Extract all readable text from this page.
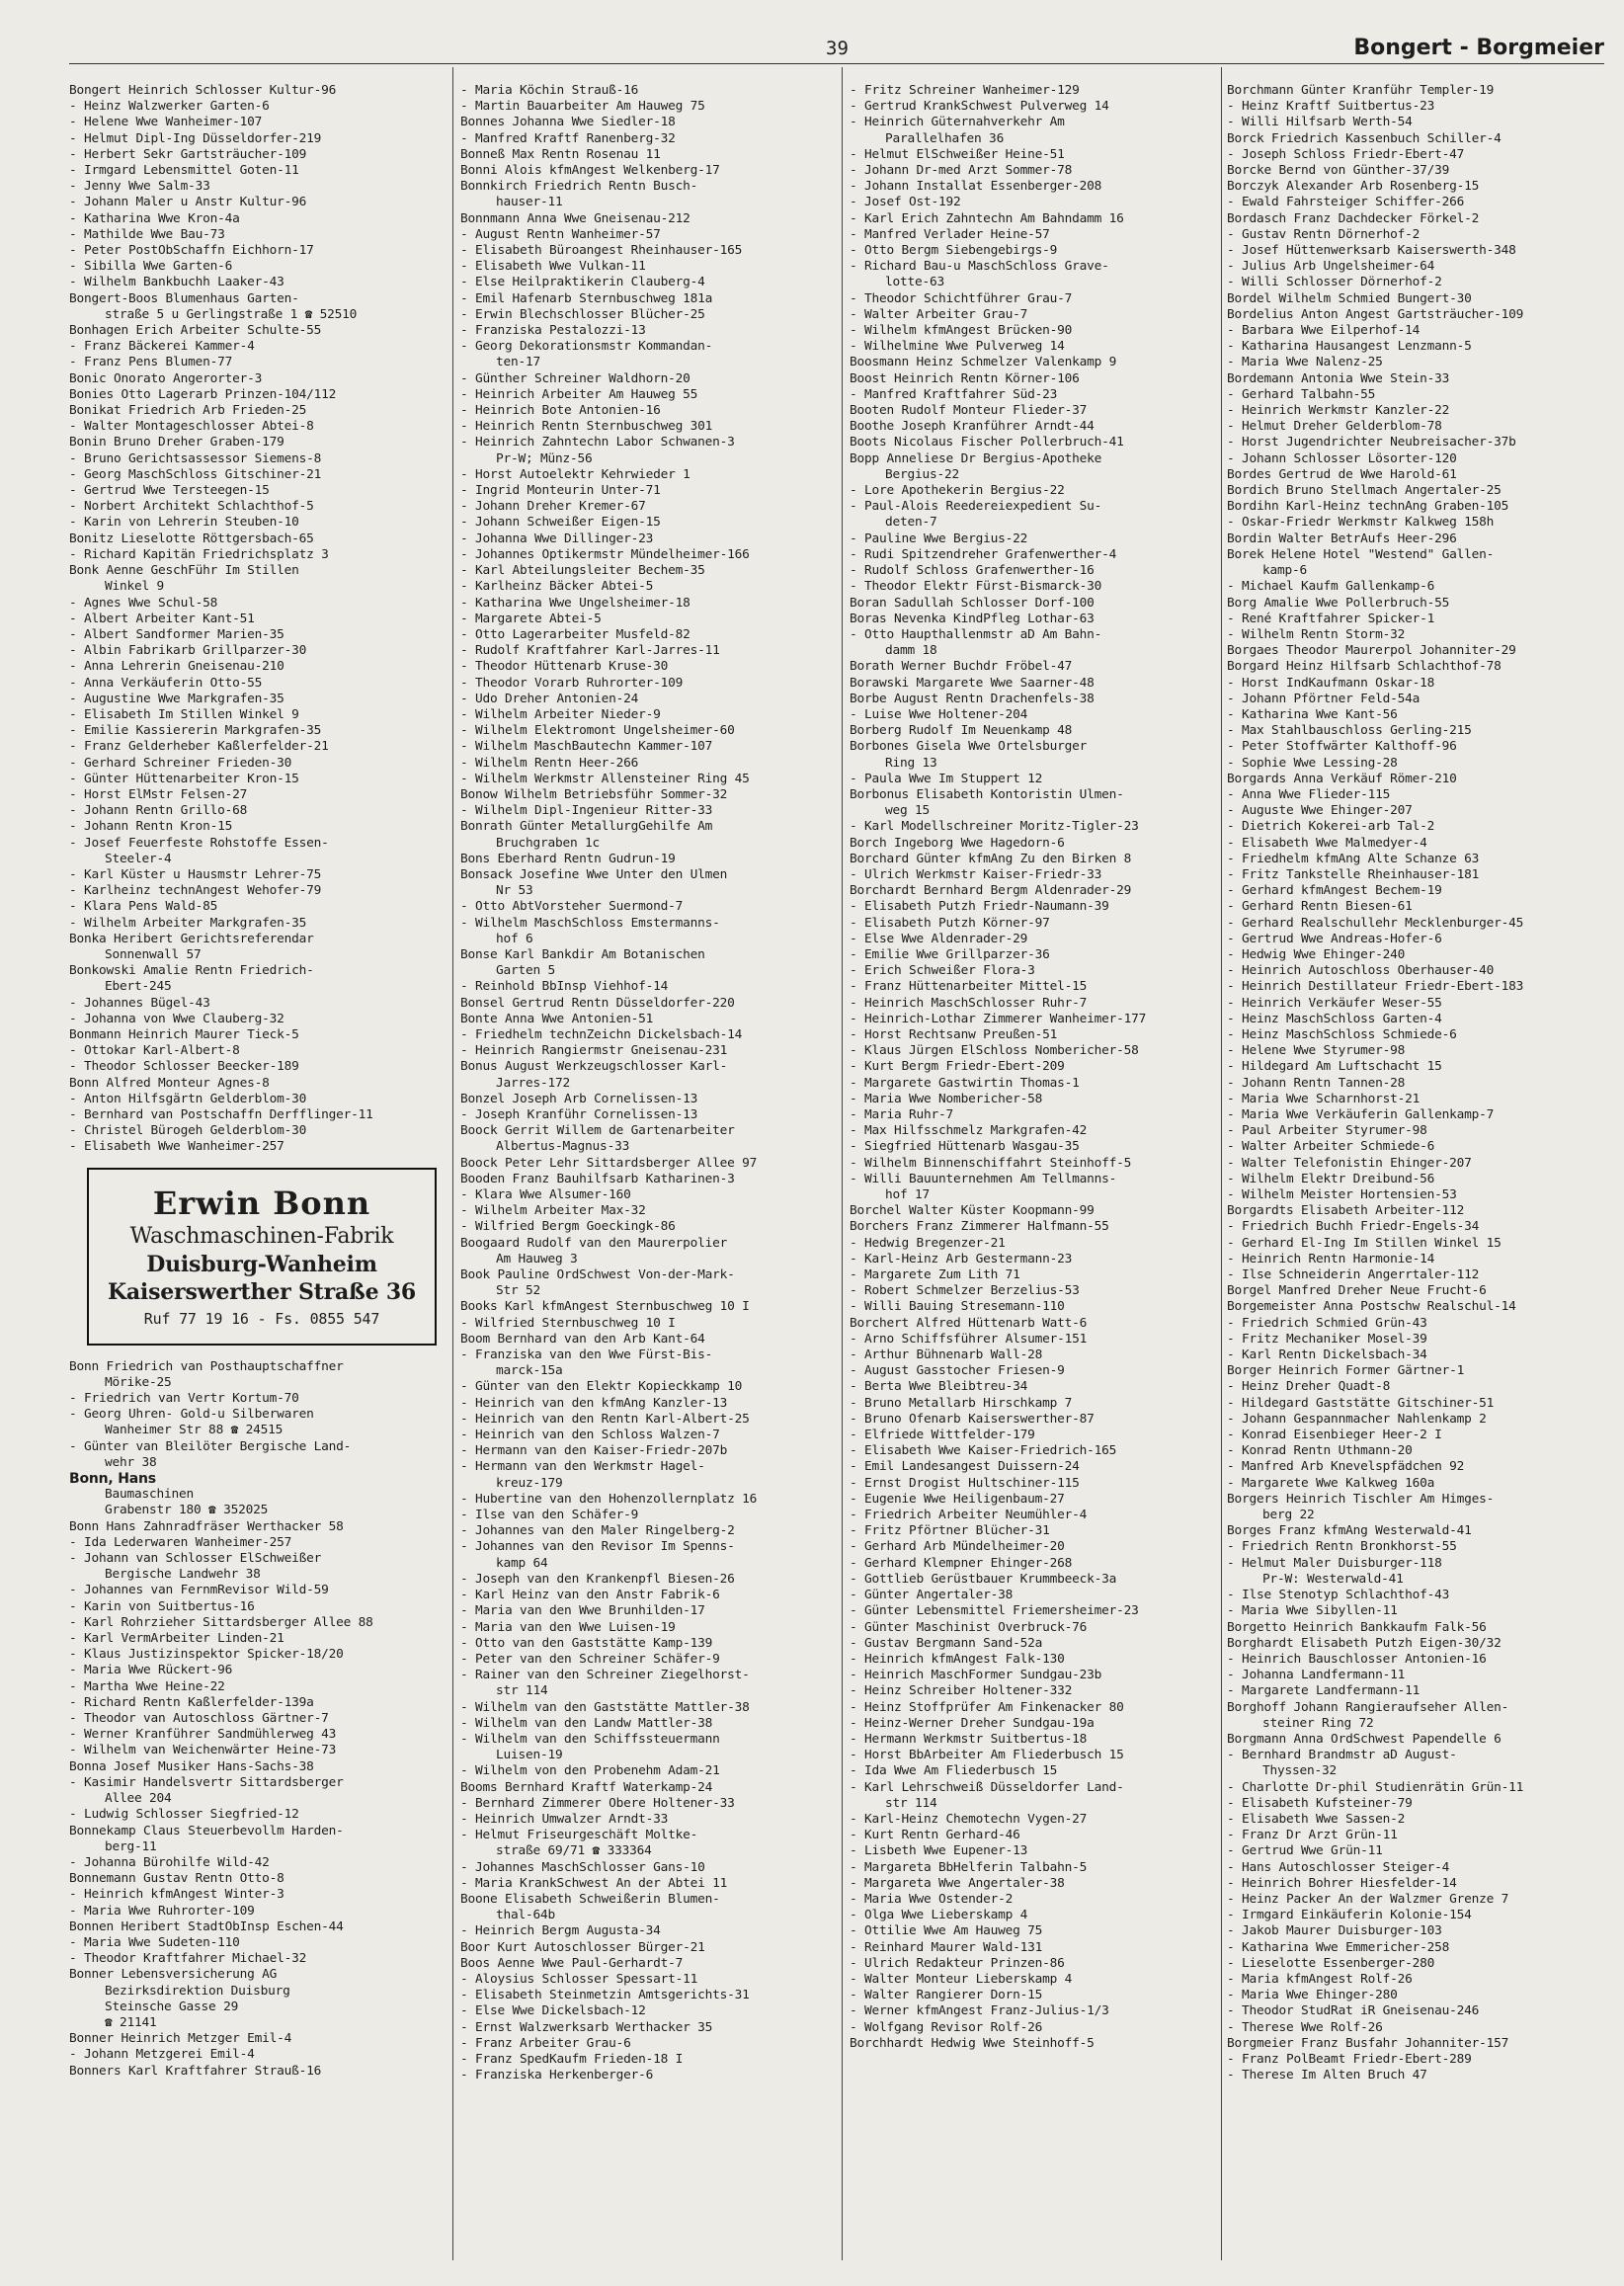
39	Bongert - Borgmeier
Bongert Heinrich Schlosser Kultur-96
- Heinz Walzwerker Garten-6
- Helene Wwe Wanheimer-107
- Helmut Dipl-Ing Düsseldorfer-219
- Herbert Sekr Gartsträucher-109
- Irmgard Lebensmittel Goten-11
- Jenny Wwe Salm-33
- Johann Maler u Anstr Kultur-96
- Katharina Wwe Kron-4a
- Mathilde Wwe Bau-73
- Peter PostObSchaffn Eichhorn-17
- Sibilla Wwe Garten-6
- Wilhelm Bankbuchh Laaker-43
Bongert-Boos Blumenhaus Garten-
straße 5 u Gerlingstraße 1 ☎ 52510
Bonhagen Erich Arbeiter Schulte-55
- Franz Bäckerei Kammer-4
- Franz Pens Blumen-77
Bonic Onorato Angerorter-3
Bonies Otto Lagerarb Prinzen-104/112
Bonikat Friedrich Arb Frieden-25
- Walter Montageschlosser Abtei-8
Bonin Bruno Dreher Graben-179
- Bruno Gerichtsassessor Siemens-8
- Georg MaschSchloss Gitschiner-21
- Gertrud Wwe Tersteegen-15
- Norbert Architekt Schlachthof-5
- Karin von Lehrerin Steuben-10
Bonitz Lieselotte Röttgersbach-65
- Richard Kapitän Friedrichsplatz 3
Bonk Aenne GeschFühr Im Stillen
Winkel 9
- Agnes Wwe Schul-58
- Albert Arbeiter Kant-51
- Albert Sandformer Marien-35
- Albin Fabrikarb Grillparzer-30
- Anna Lehrerin Gneisenau-210
- Anna Verkäuferin Otto-55
- Augustine Wwe Markgrafen-35
- Elisabeth Im Stillen Winkel 9
- Emilie Kassiererin Markgrafen-35
- Franz Gelderheber Kaßlerfelder-21
- Gerhard Schreiner Frieden-30
- Günter Hüttenarbeiter Kron-15
- Horst ElMstr Felsen-27
- Johann Rentn Grillo-68
- Johann Rentn Kron-15
- Josef Feuerfeste Rohstoffe Essen-
Steeler-4
- Karl Küster u Hausmstr Lehrer-75
- Karlheinz technAngest Wehofer-79
- Klara Pens Wald-85
- Wilhelm Arbeiter Markgrafen-35
Bonka Heribert Gerichtsreferendar
Sonnenwall 57
Bonkowski Amalie Rentn Friedrich-
Ebert-245
- Johannes Bügel-43
- Johanna von Wwe Clauberg-32
Bonmann Heinrich Maurer Tieck-5
- Ottokar Karl-Albert-8
- Theodor Schlosser Beecker-189
Bonn Alfred Monteur Agnes-8
- Anton Hilfsgärtn Gelderblom-30
- Bernhard van Postschaffn Derfflinger-11
- Christel Bürogeh Gelderblom-30
- Elisabeth Wwe Wanheimer-257
Erwin Bonn
Waschmaschinen-Fabrik
Duisburg-Wanheim
Kaiserswerther Straße 36
Ruf 77 19 16 - Fs. 0855 547
Bonn Friedrich van Posthauptschaffner
Mörike-25
- Friedrich van Vertr Kortum-70
- Georg Uhren- Gold-u Silberwaren
Wanheimer Str 88 ☎ 24515
- Günter van Bleilöter Bergische Land-
wehr 38
Bonn, Hans
Baumaschinen
Grabenstr 180 ☎ 352025
Bonn Hans Zahnradfräser Werthacker 58
- Ida Lederwaren Wanheimer-257
- Johann van Schlosser ElSchweißer
Bergische Landwehr 38
- Johannes van FernmRevisor Wild-59
- Karin von Suitbertus-16
- Karl Rohrzieher Sittardsberger Allee 88
- Karl VermArbeiter Linden-21
- Klaus Justizinspektor Spicker-18/20
- Maria Wwe Rückert-96
- Martha Wwe Heine-22
- Richard Rentn Kaßlerfelder-139a
- Theodor van Autoschloss Gärtner-7
- Werner Kranführer Sandmühlerweg 43
- Wilhelm van Weichenwärter Heine-73
Bonna Josef Musiker Hans-Sachs-38
- Kasimir Handelsvertr Sittardsberger
Allee 204
- Ludwig Schlosser Siegfried-12
Bonnekamp Claus Steuerbevollm Harden-
berg-11
- Johanna Bürohilfe Wild-42
Bonnemann Gustav Rentn Otto-8
- Heinrich kfmAngest Winter-3
- Maria Wwe Ruhrorter-109
Bonnen Heribert StadtObInsp Eschen-44
- Maria Wwe Sudeten-110
- Theodor Kraftfahrer Michael-32
Bonner Lebensversicherung AG
Bezirksdirektion Duisburg
Steinsche Gasse 29
☎ 21141
Bonner Heinrich Metzger Emil-4
- Johann Metzgerei Emil-4
Bonners Karl Kraftfahrer Strauß-16
- Maria Köchin Strauß-16
- Martin Bauarbeiter Am Hauweg 75
Bonnes Johanna Wwe Siedler-18
- Manfred Kraftf Ranenberg-32
Bonneß Max Rentn Rosenau 11
Bonni Alois kfmAngest Welkenberg-17
Bonnkirch Friedrich Rentn Busch-
hauser-11
Bonnmann Anna Wwe Gneisenau-212
- August Rentn Wanheimer-57
- Elisabeth Büroangest Rheinhauser-165
- Elisabeth Wwe Vulkan-11
- Else Heilpraktikerin Clauberg-4
- Emil Hafenarb Sternbuschweg 181a
- Erwin Blechschlosser Blücher-25
- Franziska Pestalozzi-13
- Georg Dekorationsmstr Kommandan-
ten-17
- Günther Schreiner Waldhorn-20
- Heinrich Arbeiter Am Hauweg 55
- Heinrich Bote Antonien-16
- Heinrich Rentn Sternbuschweg 301
- Heinrich Zahntechn Labor Schwanen-3
Pr-W; Münz-56
- Horst Autoelektr Kehrwieder 1
- Ingrid Monteurin Unter-71
- Johann Dreher Kremer-67
- Johann Schweißer Eigen-15
- Johanna Wwe Dillinger-23
- Johannes Optikermstr Mündelheimer-166
- Karl Abteilungsleiter Bechem-35
- Karlheinz Bäcker Abtei-5
- Katharina Wwe Ungelsheimer-18
- Margarete Abtei-5
- Otto Lagerarbeiter Musfeld-82
- Rudolf Kraftfahrer Karl-Jarres-11
- Theodor Hüttenarb Kruse-30
- Theodor Vorarb Ruhrorter-109
- Udo Dreher Antonien-24
- Wilhelm Arbeiter Nieder-9
- Wilhelm Elektromont Ungelsheimer-60
- Wilhelm MaschBautechn Kammer-107
- Wilhelm Rentn Heer-266
- Wilhelm Werkmstr Allensteiner Ring 45
Bonow Wilhelm Betriebsführ Sommer-32
- Wilhelm Dipl-Ingenieur Ritter-33
Bonrath Günter MetallurgGehilfe Am
Bruchgraben 1c
Bons Eberhard Rentn Gudrun-19
Bonsack Josefine Wwe Unter den Ulmen
Nr 53
- Otto AbtVorsteher Suermond-7
- Wilhelm MaschSchloss Emstermanns-
hof 6
Bonse Karl Bankdir Am Botanischen
Garten 5
- Reinhold BbInsp Viehhof-14
Bonsel Gertrud Rentn Düsseldorfer-220
Bonte Anna Wwe Antonien-51
- Friedhelm technZeichn Dickelsbach-14
- Heinrich Rangiermstr Gneisenau-231
Bonus August Werkzeugschlosser Karl-
Jarres-172
Bonzel Joseph Arb Cornelissen-13
- Joseph Kranführ Cornelissen-13
Boock Gerrit Willem de Gartenarbeiter
Albertus-Magnus-33
Boock Peter Lehr Sittardsberger Allee 97
Booden Franz Bauhilfsarb Katharinen-3
- Klara Wwe Alsumer-160
- Wilhelm Arbeiter Max-32
- Wilfried Bergm Goeckingk-86
Boogaard Rudolf van den Maurerpolier
Am Hauweg 3
Book Pauline OrdSchwest Von-der-Mark-
Str 52
Books Karl kfmAngest Sternbuschweg 10 I
- Wilfried Sternbuschweg 10 I
Boom Bernhard van den Arb Kant-64
- Franziska van den Wwe Fürst-Bis-
marck-15a
- Günter van den Elektr Kopieckkamp 10
- Heinrich van den kfmAng Kanzler-13
- Heinrich van den Rentn Karl-Albert-25
- Heinrich van den Schloss Walzen-7
- Hermann van den Kaiser-Friedr-207b
- Hermann van den Werkmstr Hagel-
kreuz-179
- Hubertine van den Hohenzollernplatz 16
- Ilse van den Schäfer-9
- Johannes van den Maler Ringelberg-2
- Johannes van den Revisor Im Spenns-
kamp 64
- Joseph van den Krankenpfl Biesen-26
- Karl Heinz van den Anstr Fabrik-6
- Maria van den Wwe Brunhilden-17
- Maria van den Wwe Luisen-19
- Otto van den Gaststätte Kamp-139
- Peter van den Schreiner Schäfer-9
- Rainer van den Schreiner Ziegelhorst-
str 114
- Wilhelm van den Gaststätte Mattler-38
- Wilhelm van den Landw Mattler-38
- Wilhelm van den Schiffssteuermann
Luisen-19
- Wilhelm von den Probenehm Adam-21
Booms Bernhard Kraftf Waterkamp-24
- Bernhard Zimmerer Obere Holtener-33
- Heinrich Umwalzer Arndt-33
- Helmut Friseurgeschäft Moltke-
straße 69/71 ☎ 333364
- Johannes MaschSchlosser Gans-10
- Maria KrankSchwest An der Abtei 11
Boone Elisabeth Schweißerin Blumen-
thal-64b
- Heinrich Bergm Augusta-34
Boor Kurt Autoschlosser Bürger-21
Boos Aenne Wwe Paul-Gerhardt-7
- Aloysius Schlosser Spessart-11
- Elisabeth Steinmetzin Amtsgerichts-31
- Else Wwe Dickelsbach-12
- Ernst Walzwerksarb Werthacker 35
- Franz Arbeiter Grau-6
- Franz SpedKaufm Frieden-18 I
- Franziska Herkenberger-6
- Fritz Schreiner Wanheimer-129
- Gertrud KrankSchwest Pulverweg 14
- Heinrich Güternahverkehr Am
Parallelhafen 36
- Helmut ElSchweißer Heine-51
- Johann Dr-med Arzt Sommer-78
- Johann Installat Essenberger-208
- Josef Ost-192
- Karl Erich Zahntechn Am Bahndamm 16
- Manfred Verlader Heine-57
- Otto Bergm Siebengebirgs-9
- Richard Bau-u MaschSchloss Grave-
lotte-63
- Theodor Schichtführer Grau-7
- Walter Arbeiter Grau-7
- Wilhelm kfmAngest Brücken-90
- Wilhelmine Wwe Pulverweg 14
Boosmann Heinz Schmelzer Valenkamp 9
Boost Heinrich Rentn Körner-106
- Manfred Kraftfahrer Süd-23
Booten Rudolf Monteur Flieder-37
Boothe Joseph Kranführer Arndt-44
Boots Nicolaus Fischer Pollerbruch-41
Bopp Anneliese Dr Bergius-Apotheke
Bergius-22
- Lore Apothekerin Bergius-22
- Paul-Alois Reedereiexpedient Su-
deten-7
- Pauline Wwe Bergius-22
- Rudi Spitzendreher Grafenwerther-4
- Rudolf Schloss Grafenwerther-16
- Theodor Elektr Fürst-Bismarck-30
Boran Sadullah Schlosser Dorf-100
Boras Nevenka KindPfleg Lothar-63
- Otto Haupthallenmstr aD Am Bahn-
damm 18
Borath Werner Buchdr Fröbel-47
Borawski Margarete Wwe Saarner-48
Borbe August Rentn Drachenfels-38
- Luise Wwe Holtener-204
Borberg Rudolf Im Neuenkamp 48
Borbones Gisela Wwe Ortelsburger
Ring 13
- Paula Wwe Im Stuppert 12
Borbonus Elisabeth Kontoristin Ulmen-
weg 15
- Karl Modellschreiner Moritz-Tigler-23
Borch Ingeborg Wwe Hagedorn-6
Borchard Günter kfmAng Zu den Birken 8
- Ulrich Werkmstr Kaiser-Friedr-33
Borchardt Bernhard Bergm Aldenrader-29
- Elisabeth Putzh Friedr-Naumann-39
- Elisabeth Putzh Körner-97
- Else Wwe Aldenrader-29
- Emilie Wwe Grillparzer-36
- Erich Schweißer Flora-3
- Franz Hüttenarbeiter Mittel-15
- Heinrich MaschSchlosser Ruhr-7
- Heinrich-Lothar Zimmerer Wanheimer-177
- Horst Rechtsanw Preußen-51
- Klaus Jürgen ElSchloss Nombericher-58
- Kurt Bergm Friedr-Ebert-209
- Margarete Gastwirtin Thomas-1
- Maria Wwe Nombericher-58
- Maria Ruhr-7
- Max Hilfsschmelz Markgrafen-42
- Siegfried Hüttenarb Wasgau-35
- Wilhelm Binnenschiffahrt Steinhoff-5
- Willi Bauunternehmen Am Tellmanns-
hof 17
Borchel Walter Küster Koopmann-99
Borchers Franz Zimmerer Halfmann-55
- Hedwig Bregenzer-21
- Karl-Heinz Arb Gestermann-23
- Margarete Zum Lith 71
- Robert Schmelzer Berzelius-53
- Willi Bauing Stresemann-110
Borchert Alfred Hüttenarb Watt-6
- Arno Schiffsführer Alsumer-151
- Arthur Bühnenarb Wall-28
- August Gasstocher Friesen-9
- Berta Wwe Bleibtreu-34
- Bruno Metallarb Hirschkamp 7
- Bruno Ofenarb Kaiserswerther-87
- Elfriede Wittfelder-179
- Elisabeth Wwe Kaiser-Friedrich-165
- Emil Landesangest Duissern-24
- Ernst Drogist Hultschiner-115
- Eugenie Wwe Heiligenbaum-27
- Friedrich Arbeiter Neumühler-4
- Fritz Pförtner Blücher-31
- Gerhard Arb Mündelheimer-20
- Gerhard Klempner Ehinger-268
- Gottlieb Gerüstbauer Krummbeeck-3a
- Günter Angertaler-38
- Günter Lebensmittel Friemersheimer-23
- Günter Maschinist Overbruck-76
- Gustav Bergmann Sand-52a
- Heinrich kfmAngest Falk-130
- Heinrich MaschFormer Sundgau-23b
- Heinz Schreiber Holtener-332
- Heinz Stoffprüfer Am Finkenacker 80
- Heinz-Werner Dreher Sundgau-19a
- Hermann Werkmstr Suitbertus-18
- Horst BbArbeiter Am Fliederbusch 15
- Ida Wwe Am Fliederbusch 15
- Karl Lehrschweiß Düsseldorfer Land-
str 114
- Karl-Heinz Chemotechn Vygen-27
- Kurt Rentn Gerhard-46
- Lisbeth Wwe Eupener-13
- Margareta BbHelferin Talbahn-5
- Margareta Wwe Angertaler-38
- Maria Wwe Ostender-2
- Olga Wwe Lieberskamp 4
- Ottilie Wwe Am Hauweg 75
- Reinhard Maurer Wald-131
- Ulrich Redakteur Prinzen-86
- Walter Monteur Lieberskamp 4
- Walter Rangierer Dorn-15
- Werner kfmAngest Franz-Julius-1/3
- Wolfgang Revisor Rolf-26
Borchhardt Hedwig Wwe Steinhoff-5
Borchmann Günter Kranführ Templer-19
- Heinz Kraftf Suitbertus-23
- Willi Hilfsarb Werth-54
Borck Friedrich Kassenbuch Schiller-4
- Joseph Schloss Friedr-Ebert-47
Borcke Bernd von Günther-37/39
Borczyk Alexander Arb Rosenberg-15
- Ewald Fahrsteiger Schiffer-266
Bordasch Franz Dachdecker Förkel-2
- Gustav Rentn Dörnerhof-2
- Josef Hüttenwerksarb Kaiserswerth-348
- Julius Arb Ungelsheimer-64
- Willi Schlosser Dörnerhof-2
Bordel Wilhelm Schmied Bungert-30
Bordelius Anton Angest Gartsträucher-109
- Barbara Wwe Eilperhof-14
- Katharina Hausangest Lenzmann-5
- Maria Wwe Nalenz-25
Bordemann Antonia Wwe Stein-33
- Gerhard Talbahn-55
- Heinrich Werkmstr Kanzler-22
- Helmut Dreher Gelderblom-78
- Horst Jugendrichter Neubreisacher-37b
- Johann Schlosser Lösorter-120
Bordes Gertrud de Wwe Harold-61
Bordich Bruno Stellmach Angertaler-25
Bordihn Karl-Heinz technAng Graben-105
- Oskar-Friedr Werkmstr Kalkweg 158h
Bordin Walter BetrAufs Heer-296
Borek Helene Hotel "Westend" Gallen-
kamp-6
- Michael Kaufm Gallenkamp-6
Borg Amalie Wwe Pollerbruch-55
- René Kraftfahrer Spicker-1
- Wilhelm Rentn Storm-32
Borgaes Theodor Maurerpol Johanniter-29
Borgard Heinz Hilfsarb Schlachthof-78
- Horst IndKaufmann Oskar-18
- Johann Pförtner Feld-54a
- Katharina Wwe Kant-56
- Max Stahlbauschloss Gerling-215
- Peter Stoffwärter Kalthoff-96
- Sophie Wwe Lessing-28
Borgards Anna Verkäuf Römer-210
- Anna Wwe Flieder-115
- Auguste Wwe Ehinger-207
- Dietrich Kokerei-arb Tal-2
- Elisabeth Wwe Malmedyer-4
- Friedhelm kfmAng Alte Schanze 63
- Fritz Tankstelle Rheinhauser-181
- Gerhard kfmAngest Bechem-19
- Gerhard Rentn Biesen-61
- Gerhard Realschullehr Mecklenburger-45
- Gertrud Wwe Andreas-Hofer-6
- Hedwig Wwe Ehinger-240
- Heinrich Autoschloss Oberhauser-40
- Heinrich Destillateur Friedr-Ebert-183
- Heinrich Verkäufer Weser-55
- Heinz MaschSchloss Garten-4
- Heinz MaschSchloss Schmiede-6
- Helene Wwe Styrumer-98
- Hildegard Am Luftschacht 15
- Johann Rentn Tannen-28
- Maria Wwe Scharnhorst-21
- Maria Wwe Verkäuferin Gallenkamp-7
- Paul Arbeiter Styrumer-98
- Walter Arbeiter Schmiede-6
- Walter Telefonistin Ehinger-207
- Wilhelm Elektr Dreibund-56
- Wilhelm Meister Hortensien-53
Borgardts Elisabeth Arbeiter-112
- Friedrich Buchh Friedr-Engels-34
- Gerhard El-Ing Im Stillen Winkel 15
- Heinrich Rentn Harmonie-14
- Ilse Schneiderin Angerrtaler-112
Borgel Manfred Dreher Neue Frucht-6
Borgemeister Anna Postschw Realschul-14
- Friedrich Schmied Grün-43
- Fritz Mechaniker Mosel-39
- Karl Rentn Dickelsbach-34
Borger Heinrich Former Gärtner-1
- Heinz Dreher Quadt-8
- Hildegard Gaststätte Gitschiner-51
- Johann Gespannmacher Nahlenkamp 2
- Konrad Eisenbieger Heer-2 I
- Konrad Rentn Uthmann-20
- Manfred Arb Knevelspfädchen 92
- Margarete Wwe Kalkweg 160a
Borgers Heinrich Tischler Am Himges-
berg 22
Borges Franz kfmAng Westerwald-41
- Friedrich Rentn Bronkhorst-55
- Helmut Maler Duisburger-118
Pr-W: Westerwald-41
- Ilse Stenotyp Schlachthof-43
- Maria Wwe Sibyllen-11
Borgetto Heinrich Bankkaufm Falk-56
Borghardt Elisabeth Putzh Eigen-30/32
- Heinrich Bauschlosser Antonien-16
- Johanna Landfermann-11
- Margarete Landfermann-11
Borghoff Johann Rangieraufseher Allen-
steiner Ring 72
Borgmann Anna OrdSchwest Papendelle 6
- Bernhard Brandmstr aD August-
Thyssen-32
- Charlotte Dr-phil Studienrätin Grün-11
- Elisabeth Kufsteiner-79
- Elisabeth Wwe Sassen-2
- Franz Dr Arzt Grün-11
- Gertrud Wwe Grün-11
- Hans Autoschlosser Steiger-4
- Heinrich Bohrer Hiesfelder-14
- Heinz Packer An der Walzmer Grenze 7
- Irmgard Einkäuferin Kolonie-154
- Jakob Maurer Duisburger-103
- Katharina Wwe Emmericher-258
- Lieselotte Essenberger-280
- Maria kfmAngest Rolf-26
- Maria Wwe Ehinger-280
- Theodor StudRat iR Gneisenau-246
- Therese Wwe Rolf-26
Borgmeier Franz Busfahr Johanniter-157
- Franz PolBeamt Friedr-Ebert-289
- Therese Im Alten Bruch 47
